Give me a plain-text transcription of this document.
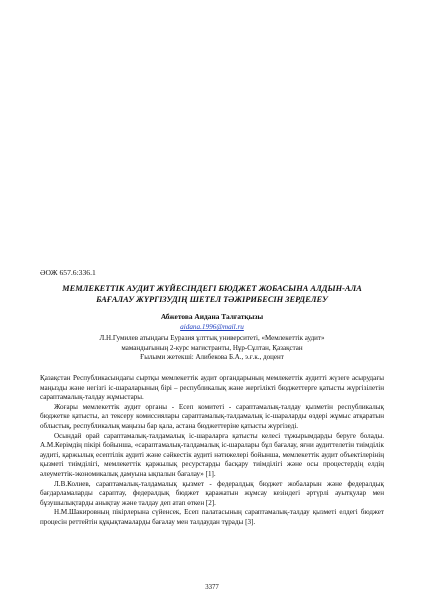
ӘОЖ 657.6:336.1
МЕМЛЕКЕТТІК АУДИТ ЖҮЙЕСІНДЕГІ БЮДЖЕТ ЖОБАСЫНА АЛДЫН-АЛА
БАҒАЛАУ ЖҮРГІЗУДІҢ ШЕТЕЛ ТӘЖІРИБЕСІН ЗЕРДЕЛЕУ
Абжетова Аидана Талғатқызы
aidana.1996@mail.ru
Л.Н.Гумилев атындағы Еуразия ұлттық университеті, «Мемлекеттік аудит»
мамандығының 2-курс магистранты, Нұр-Сұлтан, Қазақстан
Ғылыми жетекші: Алибекова Б.А., э.ғ.к., доцент

Қазақстан Республикасындағы сыртқы мемлекеттік аудит органдарының мемлекеттік аудитті жүзеге асырудағы маңызды және негізгі іс-шараларының бірі – республикалық және жергілікті бюджеттерге қатысты жүргізілетін сараптамалық-талдау жұмыстары.

Жоғары мемлекеттік аудит органы - Есеп комитеті - сараптамалық-талдау қызметін республикалық бюджетке қатысты, ал тексеру комиссиялары сараптамалық-талдамалық іс-шараларды өздері жұмыс атқаратын облыстық, республикалық маңызы бар қала, астана бюджеттеріне қатысты жүргізеді.

Осындай орай сараптамалық-талдамалық іс-шараларға қатысты келесі тұжырымдарды беруге болады. А.М.Керімдің пікірі бойынша, «сараптамалық-талдамалық іс-шаралары бұл бағалау, яғни аудиттелетін тиімділік аудиті, қаржылық есептілік аудиті және сәйкестік аудиті нәтижелері бойынша, мемлекеттік аудит объектілерінің қызметі тиімділігі, мемлекеттік қаржылық ресурстарды басқару тиімділігі және осы процестердің елдің әлеуметтік-экономикалық дамуына ықпалын бағалау» [1].

Л.В.Колиев, сараптамалық-талдамалық қызмет - федералдық бюджет жобаларын және федералдық бағдарламаларды сараптау, федералдық бюджет қаражатын жұмсау кезіндегі әртүрлі ауытқулар мен бұзушылықтарды анықтау және талдау деп атап өткен [2].

Н.М.Шакировның пікірлерына сүйенсек, Есеп палатасының сараптамалық-талдау қызметі елдегі бюджет процесін реттейтін құқықтамаларды бағалау мен талдаудан тұрады [3].

3377
